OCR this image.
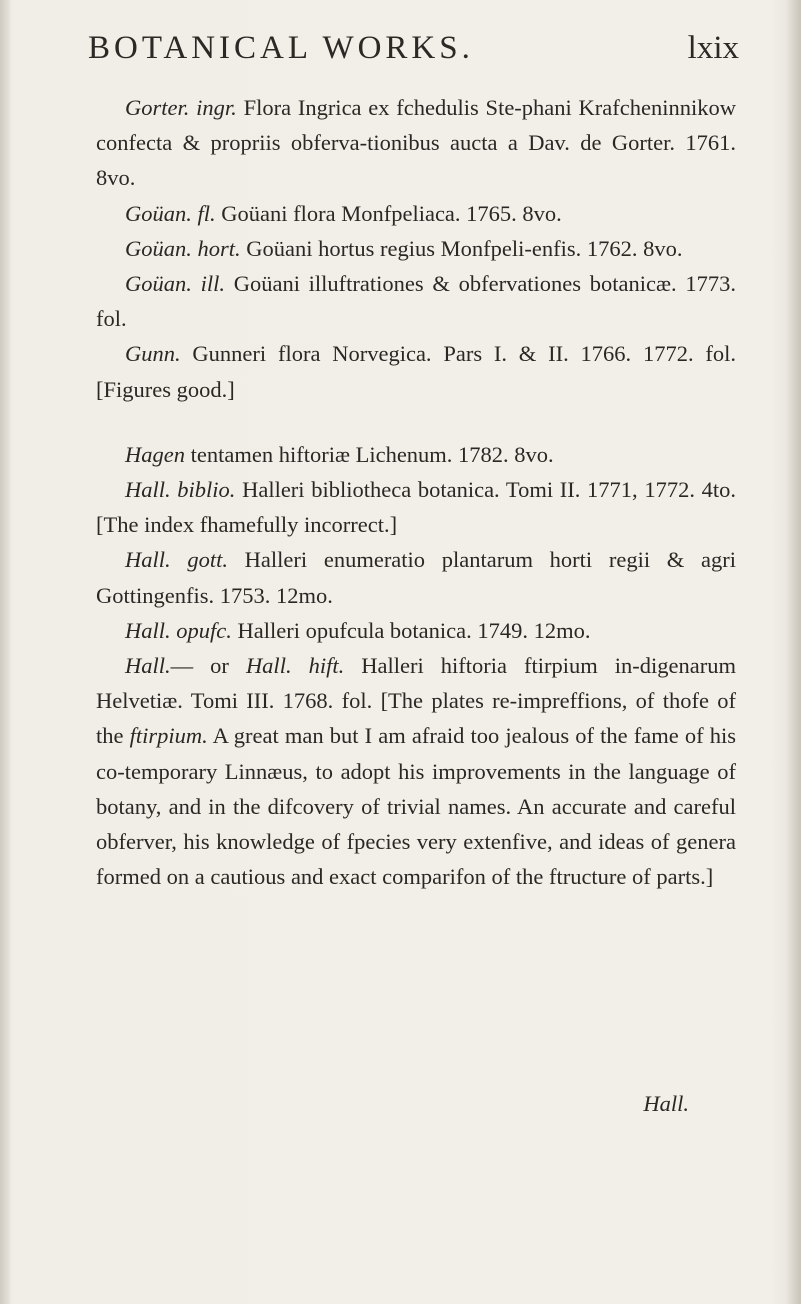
BOTANICAL WORKS.	lxix

Gorter. ingr. Flora Ingrica ex fchedulis Ste-phani Krafcheninnikow confecta & propriis obferva-tionibus aucta a Dav. de Gorter. 1761. 8vo.

Goüan. fl. Goüani flora Monfpeliaca. 1765. 8vo.

Goüan. hort. Goüani hortus regius Monfpeli-enfis. 1762. 8vo.

Goüan. ill. Goüani illuftrationes & obfervationes botanicæ. 1773. fol.

Gunn. Gunneri flora Norvegica. Pars I. & II. 1766. 1772. fol. [Figures good.]

Hagen tentamen hiftoriæ Lichenum. 1782. 8vo.

Hall. biblio. Halleri bibliotheca botanica. Tomi II. 1771, 1772. 4to. [The index fhamefully incorrect.]

Hall. gott. Halleri enumeratio plantarum horti regii & agri Gottingenfis. 1753. 12mo.

Hall. opufc. Halleri opufcula botanica. 1749. 12mo.

Hall.— or Hall. hift. Halleri hiftoria ftirpium in-digenarum Helvetiæ. Tomi III. 1768. fol. [The plates re-impreffions, of thofe of the ftirpium. A great man but I am afraid too jealous of the fame of his co-temporary Linnæus, to adopt his improvements in the language of botany, and in the difcovery of trivial names. An accurate and careful obferver, his knowledge of fpecies very extenfive, and ideas of genera formed on a cautious and exact comparifon of the ftructure of parts.]

Hall.
